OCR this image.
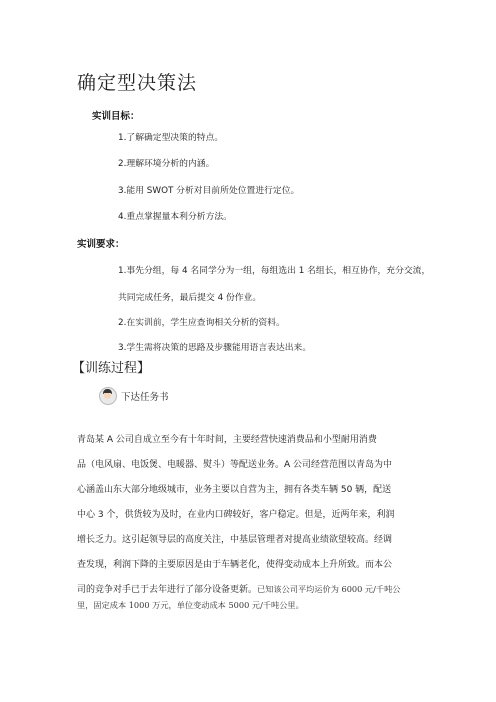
确定型决策法
实训目标：
1.了解确定型决策的特点。
2.理解环境分析的内涵。
3.能用 SWOT 分析对目前所处位置进行定位。
4.重点掌握量本利分析方法。
实训要求：
1.事先分组，每 4 名同学分为一组，每组选出 1 名组长，相互协作，充分交流，
共同完成任务，最后提交 4 份作业。
2.在实训前，学生应查询相关分析的资料。
3.学生需将决策的思路及步骤能用语言表达出来。
【训练过程】
下达任务书
青岛某 A 公司自成立至今有十年时间，主要经营快速消费品和小型耐用消费
品（电风扇、电饭煲、电暖器、熨斗）等配送业务。A 公司经营范围以青岛为中
心涵盖山东大部分地级城市，业务主要以自营为主，拥有各类车辆 50 辆，配送
中心 3 个，供货较为及时，在业内口碑较好，客户稳定。但是，近两年来，利润
增长乏力。这引起领导层的高度关注，中基层管理者对提高业绩欲望较高。经调
查发现，利润下降的主要原因是由于车辆老化，使得变动成本上升所致。而本公
司的竞争对手已于去年进行了部分设备更新。已知该公司平均运价为 6000 元/千吨公
里，固定成本 1000 万元，单位变动成本 5000 元/千吨公里。
